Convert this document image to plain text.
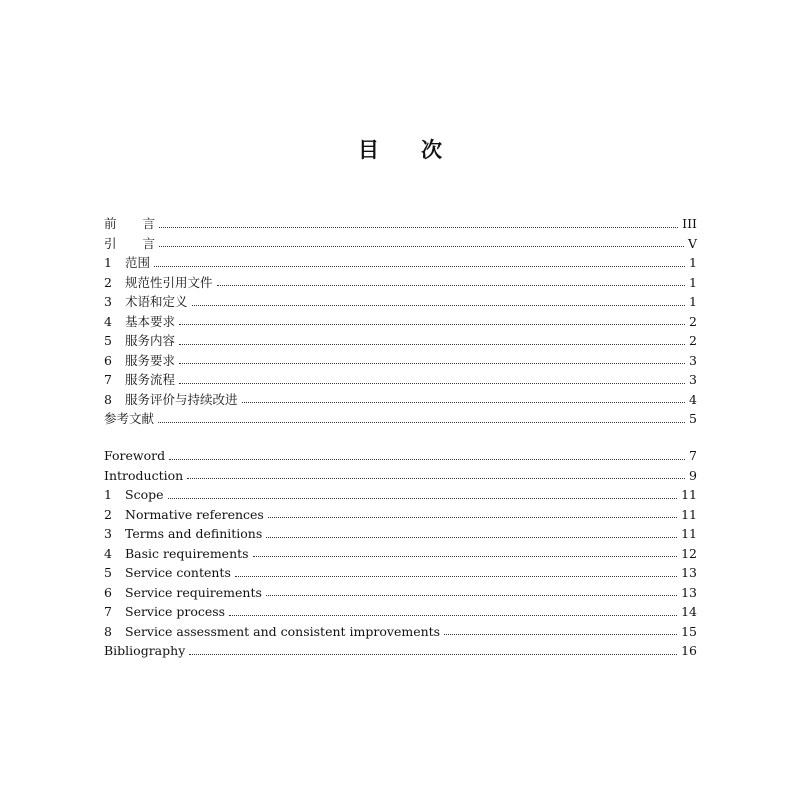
目 次
前 言	III
引 言	V
1	范围	1
2	规范性引用文件	1
3	术语和定义	1
4	基本要求	2
5	服务内容	2
6	服务要求	3
7	服务流程	3
8	服务评价与持续改进	4
参考文献	5
Foreword	7
Introduction	9
1	Scope	11
2	Normative references	11
3	Terms and definitions	11
4	Basic requirements	12
5	Service contents	13
6	Service requirements	13
7	Service process	14
8	Service assessment and consistent improvements	15
Bibliography	16
